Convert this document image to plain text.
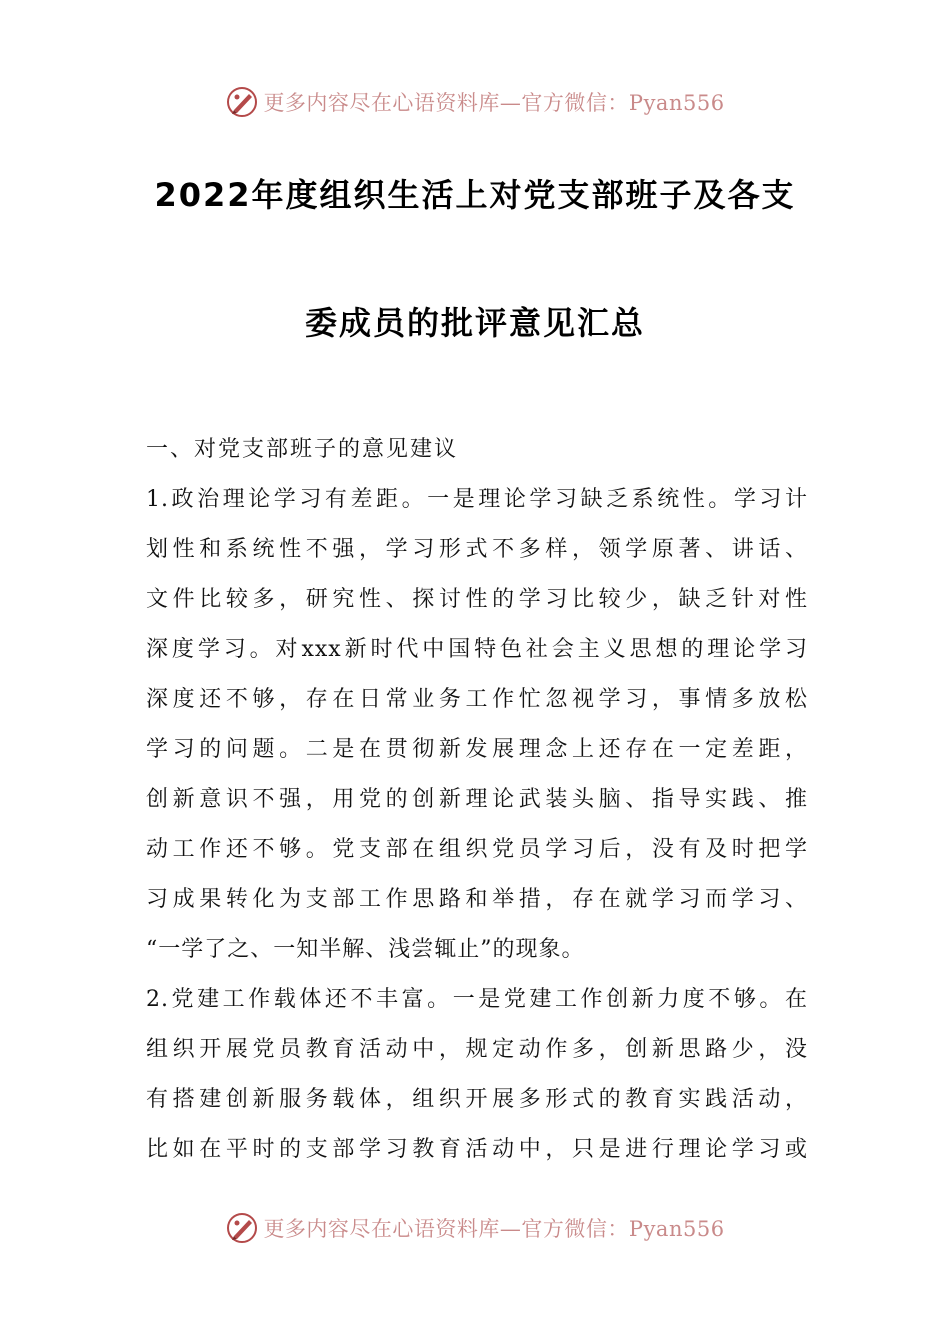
更多内容尽在心语资料库—官方微信：Pyan556
2022年度组织生活上对党支部班子及各支
委成员的批评意见汇总
一、对党支部班子的意见建议
1.政治理论学习有差距。一是理论学习缺乏系统性。学习计
划性和系统性不强，学习形式不多样，领学原著、讲话、
文件比较多，研究性、探讨性的学习比较少，缺乏针对性
深度学习。对xxx新时代中国特色社会主义思想的理论学习
深度还不够，存在日常业务工作忙忽视学习，事情多放松
学习的问题。二是在贯彻新发展理念上还存在一定差距，
创新意识不强，用党的创新理论武装头脑、指导实践、推
动工作还不够。党支部在组织党员学习后，没有及时把学
习成果转化为支部工作思路和举措，存在就学习而学习、
“一学了之、一知半解、浅尝辄止”的现象。
2.党建工作载体还不丰富。一是党建工作创新力度不够。在
组织开展党员教育活动中，规定动作多，创新思路少，没
有搭建创新服务载体，组织开展多形式的教育实践活动，
比如在平时的支部学习教育活动中，只是进行理论学习或
更多内容尽在心语资料库—官方微信：Pyan556
